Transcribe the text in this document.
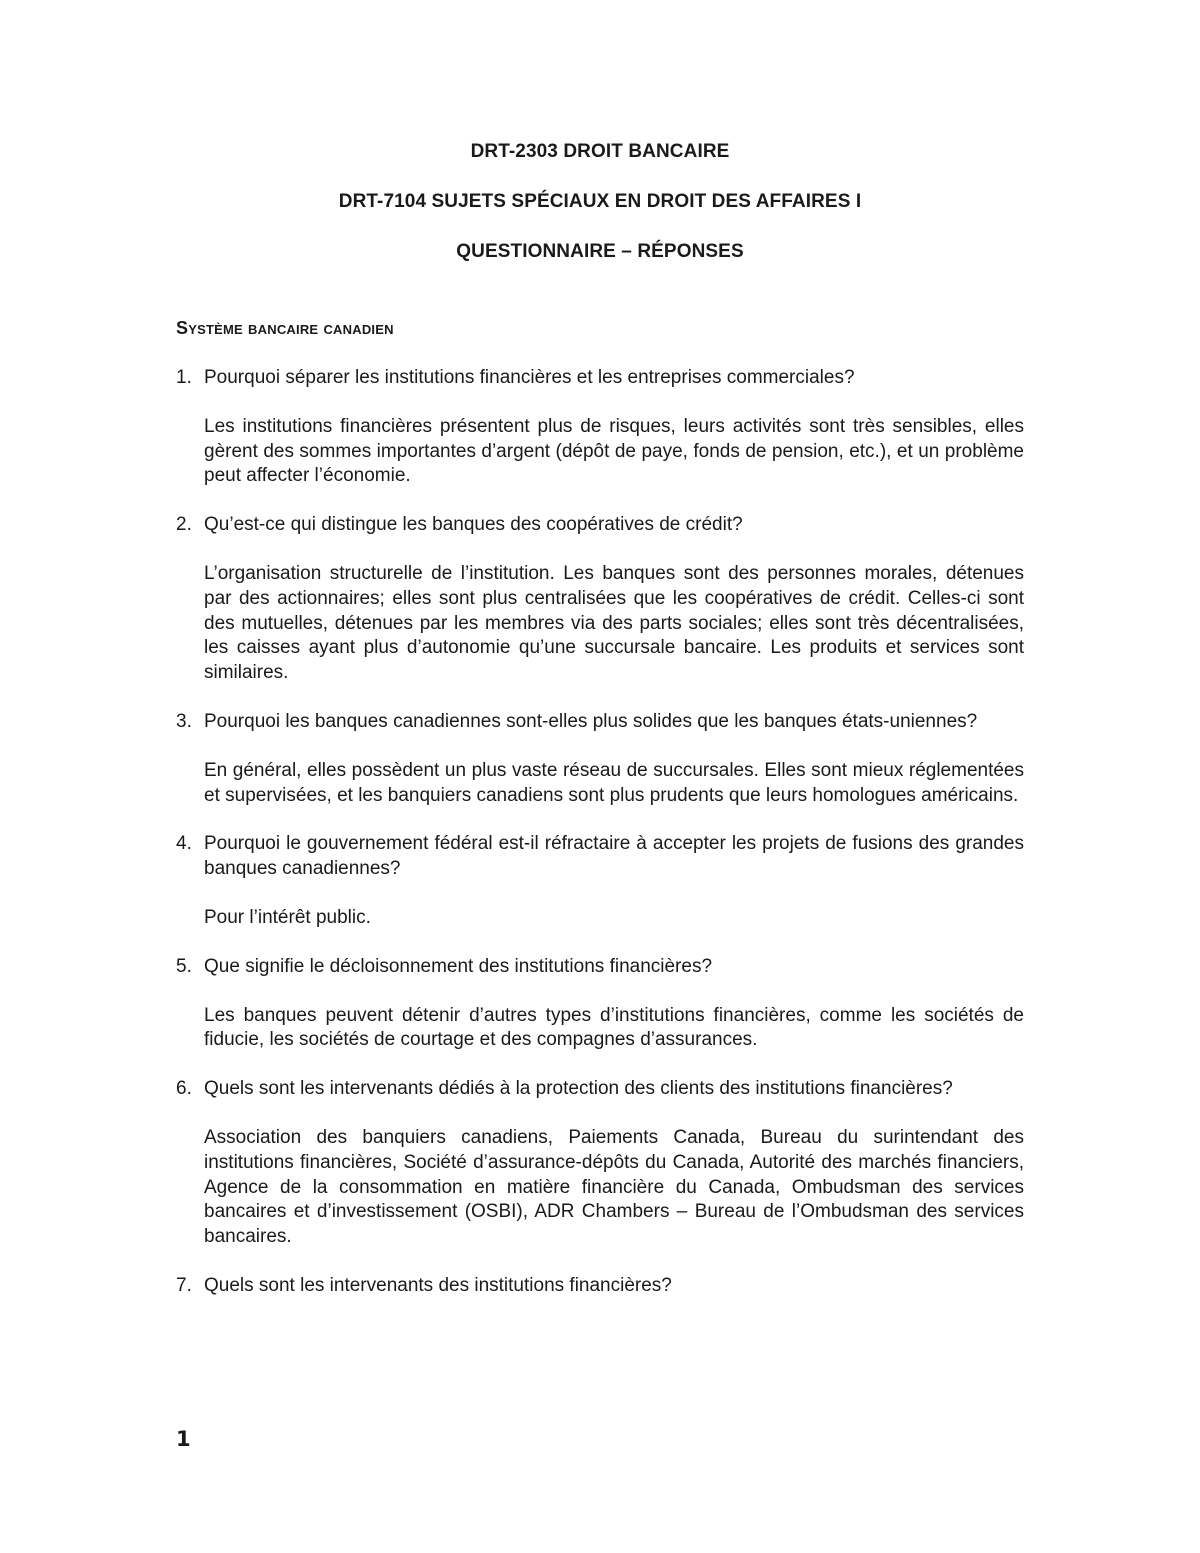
DRT-2303 DROIT BANCAIRE
DRT-7104 SUJETS SPÉCIAUX EN DROIT DES AFFAIRES I
QUESTIONNAIRE – RÉPONSES
Système bancaire canadien
1. Pourquoi séparer les institutions financières et les entreprises commerciales?
Les institutions financières présentent plus de risques, leurs activités sont très sensibles, elles gèrent des sommes importantes d’argent (dépôt de paye, fonds de pension, etc.), et un problème peut affecter l’économie.
2. Qu’est-ce qui distingue les banques des coopératives de crédit?
L’organisation structurelle de l’institution. Les banques sont des personnes morales, détenues par des actionnaires; elles sont plus centralisées que les coopératives de crédit. Celles-ci sont des mutuelles, détenues par les membres via des parts sociales; elles sont très décentralisées, les caisses ayant plus d’autonomie qu’une succursale bancaire. Les produits et services sont similaires.
3. Pourquoi les banques canadiennes sont-elles plus solides que les banques états-uniennes?
En général, elles possèdent un plus vaste réseau de succursales. Elles sont mieux réglementées et supervisées, et les banquiers canadiens sont plus prudents que leurs homologues américains.
4. Pourquoi le gouvernement fédéral est-il réfractaire à accepter les projets de fusions des grandes banques canadiennes?
Pour l’intérêt public.
5. Que signifie le décloisonnement des institutions financières?
Les banques peuvent détenir d’autres types d’institutions financières, comme les sociétés de fiducie, les sociétés de courtage et des compagnes d’assurances.
6. Quels sont les intervenants dédiés à la protection des clients des institutions financières?
Association des banquiers canadiens, Paiements Canada, Bureau du surintendant des institutions financières, Société d’assurance-dépôts du Canada, Autorité des marchés financiers, Agence de la consommation en matière financière du Canada, Ombudsman des services bancaires et d’investissement (OSBI), ADR Chambers – Bureau de l’Ombudsman des services bancaires.
7. Quels sont les intervenants des institutions financières?
1
